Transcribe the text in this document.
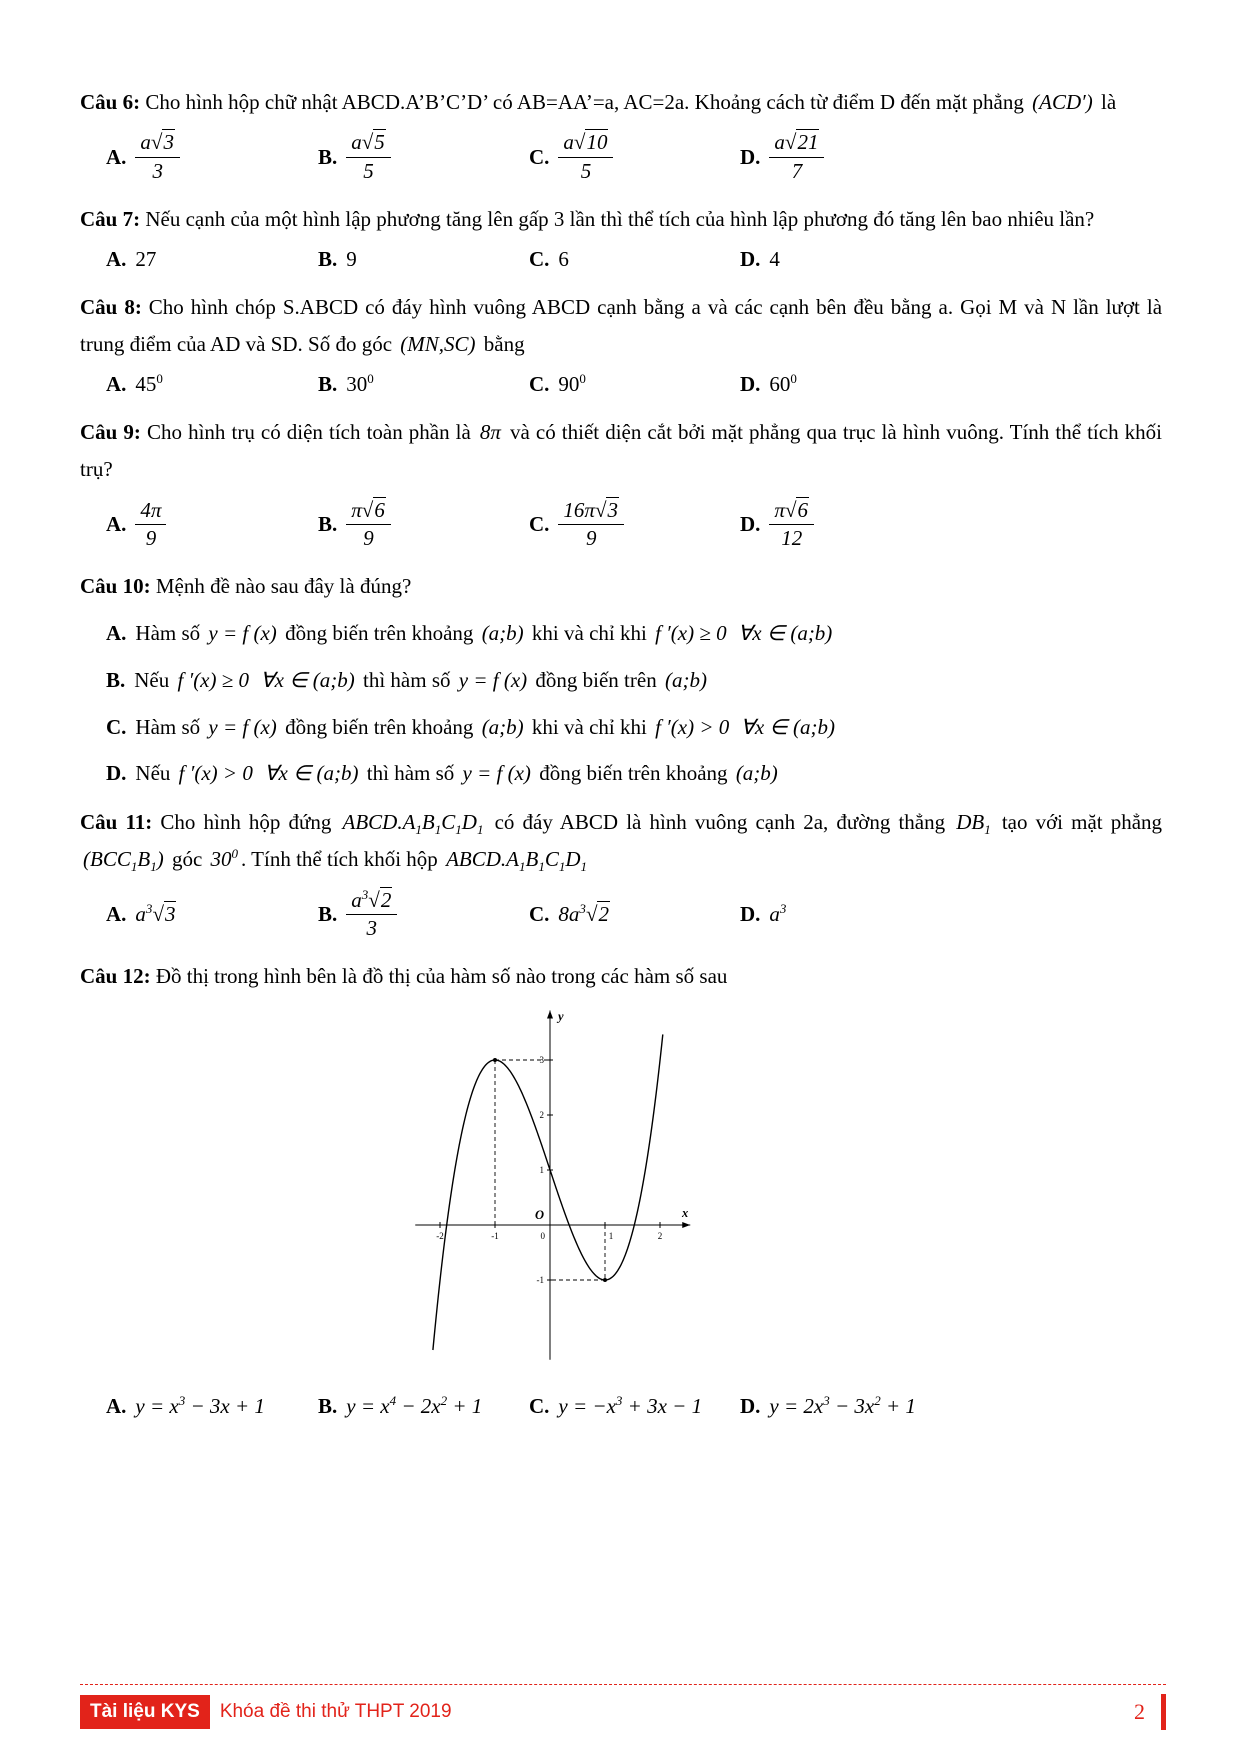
Câu 6: Cho hình hộp chữ nhật ABCD.A’B’C’D’ có AB=AA’=a, AC=2a. Khoảng cách từ điểm D đến mặt phẳng (ACD′) là

A. $\frac{a√3}{3}$	B. $\frac{a√5}{5}$	C. $\frac{a√10}{5}$	D. $\frac{a√21}{7}$

Câu 7: Nếu cạnh của một hình lập phương tăng lên gấp 3 lần thì thể tích của hình lập phương đó tăng lên bao nhiêu lần?

A. 27	B. 9	C. 6	D. 4

Câu 8: Cho hình chóp S.ABCD có đáy hình vuông ABCD cạnh bằng a và các cạnh bên đều bằng a. Gọi M và N lần lượt là trung điểm của AD và SD. Số đo góc (MN,SC) bằng

A. $45^0$	B. $30^0$	C. $90^0$	D. $60^0$

Câu 9: Cho hình trụ có diện tích toàn phần là 8π và có thiết diện cắt bởi mặt phẳng qua trục là hình vuông. Tính thể tích khối trụ?

A. $\frac{4\pi}{9}$	B. $\frac{\pi√6}{9}$	C. $\frac{16\pi√3}{9}$	D. $\frac{\pi√6}{12}$

Câu 10: Mệnh đề nào sau đây là đúng?

A. Hàm số y = f (x) đồng biến trên khoảng (a;b) khi và chỉ khi f ′(x) ≥ 0 ∀x ∈ (a;b)
B. Nếu f ′(x) ≥ 0 ∀x ∈ (a;b) thì hàm số y = f (x) đồng biến trên (a;b)
C. Hàm số y = f (x) đồng biến trên khoảng (a;b) khi và chỉ khi f ′(x) > 0 ∀x ∈ (a;b)
D. Nếu f ′(x) > 0 ∀x ∈ (a;b) thì hàm số y = f (x) đồng biến trên khoảng (a;b)

Câu 11: Cho hình hộp đứng $ABCD.A_1B_1C_1D_1$ có đáy ABCD là hình vuông cạnh 2a, đường thẳng $DB_1$ tạo với mặt phẳng $(BCC_1B_1)$ góc $30^0$ . Tính thể tích khối hộp $ABCD.A_1B_1C_1D_1$

A. $a^3√3$	B. $\frac{a^3√2}{3}$	C. $8a^3√2$	D. $a^3$

Câu 12: Đồ thị trong hình bên là đồ thị của hàm số nào trong các hàm số sau

-2	-1	1	2
3
2
1
-1
y
x
O
0
A. $y = x^3 - 3x + 1$	B. $y = x^4 - 2x^2 + 1$ C. $y = -x^3 + 3x - 1$ D. $y = 2x^3 - 3x^2 + 1$
Tài liệu KYS	Khóa đề thi thử THPT 2019	2
